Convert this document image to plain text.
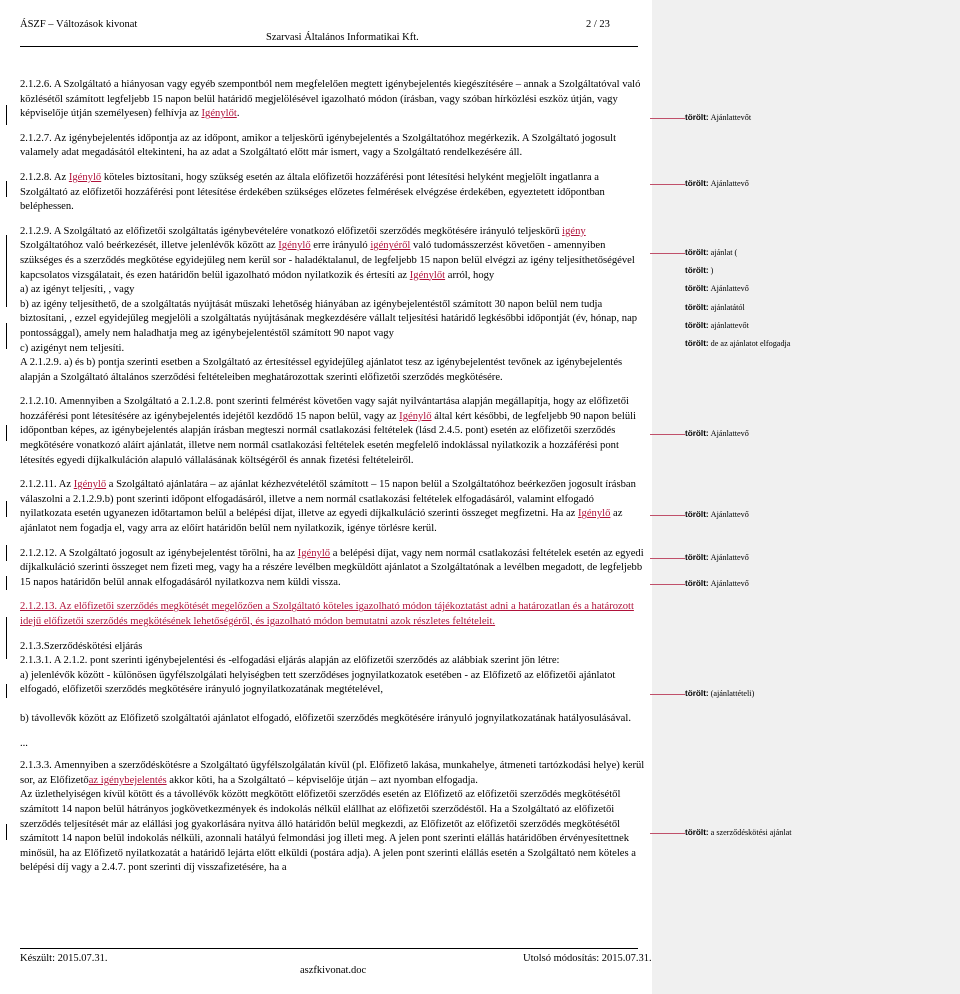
ÁSZF – Változások kivonat
Szarvasi Általános Informatikai Kft.
2 / 23

2.1.2.6. A Szolgáltató a hiányosan vagy egyéb szempontból nem megfelelően megtett igénybejelentés kiegészítésére – annak a Szolgáltatóval való közlésétől számított legfeljebb 15 napon belül határidő megjelölésével igazolható módon (írásban, vagy szóban hírközlési eszköz útján, vagy képviselője útján személyesen) felhívja az Igénylőt.

2.1.2.7. Az igénybejelentés időpontja az az időpont, amikor a teljeskörű igénybejelentés a Szolgáltatóhoz megérkezik. A Szolgáltató jogosult valamely adat megadásától eltekinteni, ha az adat a Szolgáltató előtt már ismert, vagy a Szolgáltató rendelkezésére áll.

2.1.2.8. Az Igénylő köteles biztosítani, hogy szükség esetén az általa előfizetői hozzáférési pont létesítési helyként megjelölt ingatlanra a Szolgáltató az előfizetői hozzáférési pont létesítése érdekében szükséges előzetes felmérések elvégzése érdekében, egyeztetett időpontban beléphessen.

2.1.2.9. A Szolgáltató az előfizetői szolgáltatás igénybevételére vonatkozó előfizetői szerződés megkötésére irányuló teljeskörű igény Szolgáltatóhoz való beérkezését, illetve jelenlévők között az Igénylő erre irányuló igényéről való tudomásszerzést követően - amennyiben szükséges és a szerződés megkötése egyidejűleg nem kerül sor - haladéktalanul, de legfeljebb 15 napon belül elvégzi az igény teljesíthetőségével kapcsolatos vizsgálatait, és ezen határidőn belül igazolható módon nyilatkozik és értesíti az Igénylőt arról, hogy

a) az igényt teljesíti, , vagy

b) az igény teljesíthető, de a szolgáltatás nyújtását műszaki lehetőség hiányában az igénybejelentéstől számított 30 napon belül nem tudja biztosítani, , ezzel egyidejűleg megjelöli a szolgáltatás nyújtásának megkezdésére vállalt teljesítési határidő legkésőbbi időpontját (év, hónap, nap pontossággal), amely nem haladhatja meg az igénybejelentéstől számított 90 napot vagy

c) azigényt nem teljesíti.

A 2.1.2.9. a) és b) pontja szerinti esetben a Szolgáltató az értesítéssel egyidejűleg ajánlatot tesz az igénybejelentést tevőnek az igénybejelentés alapján a Szolgáltató általános szerződési feltételeiben meghatározottak szerinti előfizetői szerződés megkötésére.

2.1.2.10. Amennyiben a Szolgáltató a 2.1.2.8. pont szerinti felmérést követően vagy saját nyilvántartása alapján megállapítja, hogy az előfizetői hozzáférési pont létesítésére az igénybejelentés idejétől kezdődő 15 napon belül, vagy az Igénylő által kért későbbi, de legfeljebb 90 napon belüli időpontban képes, az igénybejelentés alapján írásban megteszi normál csatlakozási feltételek (lásd 2.4.5. pont) esetén az előfizetői szerződés megkötésére vonatkozó aláírt ajánlatát, illetve nem normál csatlakozási feltételek esetén megfelelő indoklással nyilatkozik a hozzáférési pont létesítés egyedi díjkalkuláción alapuló vállalásának költségéről és annak fizetési feltételeiről.

2.1.2.11. Az Igénylő a Szolgáltató ajánlatára – az ajánlat kézhezvételétől számított – 15 napon belül a Szolgáltatóhoz beérkezően jogosult írásban válaszolni a 2.1.2.9.b) pont szerinti időpont elfogadásáról, illetve a nem normál csatlakozási feltételek elfogadásáról, valamint elfogadó nyilatkozata esetén ugyanezen időtartamon belül a belépési díjat, illetve az egyedi díjkalkuláció szerinti összeget megfizetni. Ha az Igénylő az ajánlatot nem fogadja el, vagy arra az előírt határidőn belül nem nyilatkozik, igénye törlésre kerül.

2.1.2.12. A Szolgáltató jogosult az igénybejelentést törölni, ha az Igénylő a belépési díjat, vagy nem normál csatlakozási feltételek esetén az egyedi díjkalkuláció szerinti összeget nem fizeti meg, vagy ha a részére levélben megküldött ajánlatot a Szolgáltatónak a levélben megadott, de legfeljebb 15 napos határidőn belül annak elfogadásáról nyilatkozva nem küldi vissza.

2.1.2.13. Az előfizetői szerződés megkötését megelőzően a Szolgáltató köteles igazolható módon tájékoztatást adni a határozatlan és a határozott idejű előfizetői szerződés megkötésének lehetőségéről, és igazolható módon bemutatni azok részletes feltételeit.

2.1.3.Szerződéskötési eljárás

2.1.3.1. A 2.1.2. pont szerinti igénybejelentési és -elfogadási eljárás alapján az előfizetői szerződés az alábbiak szerint jön létre:

a) jelenlévők között - különösen ügyfélszolgálati helyiségben tett szerződéses jognyilatkozatok esetében - az Előfizető az előfizetői ajánlatot elfogadó, előfizetői szerződés megkötésére irányuló jognyilatkozatának megtételével,

b) távollevők között az Előfizető szolgáltatói ajánlatot elfogadó, előfizetői szerződés megkötésére irányuló jognyilatkozatának hatályosulásával.

...

2.1.3.3. Amennyiben a szerződéskötésre a Szolgáltató ügyfélszolgálatán kívül (pl. Előfizető lakása, munkahelye, átmeneti tartózkodási helye) kerül sor, az Előfizetőaz igénybejelentés akkor köti, ha a Szolgáltató – képviselője útján – azt nyomban elfogadja.

Az üzlethelyiségen kívül kötött és a távollévők között megkötött előfizetői szerződés esetén az Előfizető az előfizetői szerződés megkötésétől számított 14 napon belül hátrányos jogkövetkezmények és indokolás nélkül elállhat az előfizetői szerződéstől. Ha a Szolgáltató az előfizetői szerződés teljesítését már az elállási jog gyakorlására nyitva álló határidőn belül megkezdi, az Előfizetőt az előfizetői szerződés megkötésétől számított 14 napon belül indokolás nélküli, azonnali hatályú felmondási jog illeti meg. A jelen pont szerinti elállás határidőben érvényesítettnek minősül, ha az Előfizető nyilatkozatát a határidő lejárta előtt elküldi (postára adja). A jelen pont szerinti elállás esetén a Szolgáltató nem köteles a belépési díj vagy a 2.4.7. pont szerinti díj visszafizetésére, ha a

Készült: 2015.07.31.
aszfkivonat.doc
Utolsó módosítás: 2015.07.31.
törölt: Ajánlattevőt
törölt: Ajánlattevő
törölt: ajánlat (
törölt: )
törölt: Ajánlattevő
törölt: ajánlatától
törölt: ajánlattevőt
törölt: de az ajánlatot elfogadja
törölt: Ajánlattevő
törölt: Ajánlattevő
törölt: Ajánlattevő
törölt: Ajánlattevő
törölt: (ajánlattételi)
törölt: a szerződéskötési ajánlat
